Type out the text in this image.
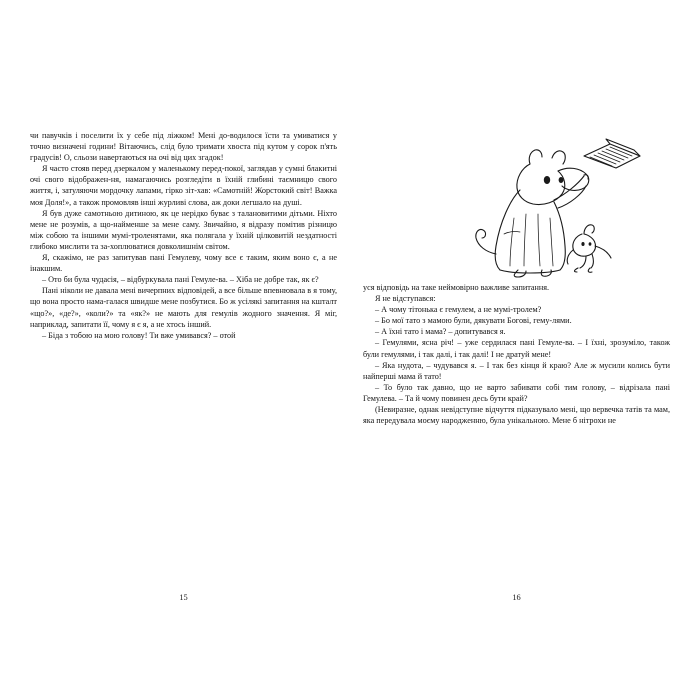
чи павучків і поселити їх у себе під ліжком! Мені до-водилося їсти та умиватися у точно визначені години! Вітаючись, слід було тримати хвоста під кутом у сорок п'ять градусів! О, сльози навертаються на очі від цих згадок!

Я часто стояв перед дзеркалом у маленькому перед-покої, заглядав у сумні блакитні очі свого відображен-ня, намагаючись розгледіти в їхній глибині таємницю свого життя, і, затуляючи мордочку лапами, гірко зіт-хав: «Самотній! Жорстокий світ! Важка моя Доля!», а також промовляв інші журливі слова, аж доки легшало на душі.

Я був дуже самотньою дитиною, як це нерідко буває з талановитими дітьми. Ніхто мене не розумів, а що-найменше за мене саму. Звичайно, я відразу помітив різницю між собою та іншими мумі-троленятами, яка полягала у їхній цілковитій нездатності глибоко мислити та за-хоплюватися довколишнім світом.

Я, скажімо, не раз запитував пані Гемулеву, чому все є таким, яким воно є, а не інакшим.

– Ото би була чудасія, – відбуркувала пані Гемуле-ва. – Хіба не добре так, як є?

Пані ніколи не давала мені вичерпних відповідей, а все більше впевнювала в я тому, що вона просто нама-галася швидше мене позбутися. Бо ж усілякі запитання на кшталт «що?», «де?», «коли?» та «як?» не мають для гемулів жодного значення. Я міг, наприклад, запитати її, чому я є я, а не хтось інший.

– Біда з тобою на мою голову! Ти вже умивався? – отой

15

уся відповідь на таке неймовірно важливе запитання.

Я не відступався:

– А чому тітонька є гемулем, а не мумі-тролем?

– Бо мої тато з мамою були, дякувати Богові, гему-лями.

– А їхні тато і мама? – допитувався я.

– Гемулями, ясна річ! – уже сердилася пані Гемуле-ва. – І їхні, зрозуміло, також були гемулями, і так далі, і так далі! І не дратуй мене!

– Яка нудота, – чудувався я. – І так без кінця й краю? Але ж мусили колись бути найперші мама й тато!

– То було так давно, що не варто забивати собі тим голову, – відрізала пані Гемулева. – Та й чому повинен десь бути край?

(Невиразне, однак невідступне відчуття підказувало мені, що вервечка татів та мам, яка передувала моєму народженню, була унікальною. Мене б нітрохи не

16
